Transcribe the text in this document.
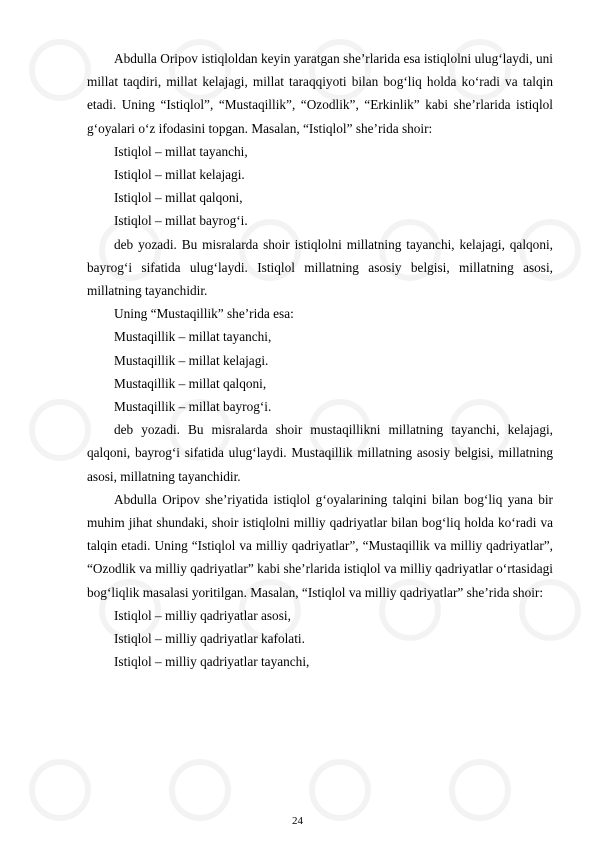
Abdulla Oripov istiqloldan keyin yaratgan she’rlarida esa istiqlolni ulug‘laydi, uni millat taqdiri, millat kelajagi, millat taraqqiyoti bilan bog‘liq holda ko‘radi va talqin etadi. Uning “Istiqlol”, “Mustaqillik”, “Ozodlik”, “Erkinlik” kabi she’rlarida istiqlol g‘oyalari o‘z ifodasini topgan. Masalan, “Istiqlol” she’rida shoir:

Istiqlol – millat tayanchi,

Istiqlol – millat kelajagi.

Istiqlol – millat qalqoni,

Istiqlol – millat bayrog‘i.

deb yozadi. Bu misralarda shoir istiqlolni millatning tayanchi, kelajagi, qalqoni, bayrog‘i sifatida ulug‘laydi. Istiqlol millatning asosiy belgisi, millatning asosi, millatning tayanchidir.

Uning “Mustaqillik” she’rida esa:

Mustaqillik – millat tayanchi,

Mustaqillik – millat kelajagi.

Mustaqillik – millat qalqoni,

Mustaqillik – millat bayrog‘i.

deb yozadi. Bu misralarda shoir mustaqillikni millatning tayanchi, kelajagi, qalqoni, bayrog‘i sifatida ulug‘laydi. Mustaqillik millatning asosiy belgisi, millatning asosi, millatning tayanchidir.

Abdulla Oripov she’riyatida istiqlol g‘oyalarining talqini bilan bog‘liq yana bir muhim jihat shundaki, shoir istiqlolni milliy qadriyatlar bilan bog‘liq holda ko‘radi va talqin etadi. Uning “Istiqlol va milliy qadriyatlar”, “Mustaqillik va milliy qadriyatlar”, “Ozodlik va milliy qadriyatlar” kabi she’rlarida istiqlol va milliy qadriyatlar o‘rtasidagi bog‘liqlik masalasi yoritilgan. Masalan, “Istiqlol va milliy qadriyatlar” she’rida shoir:

Istiqlol – milliy qadriyatlar asosi,

Istiqlol – milliy qadriyatlar kafolati.

Istiqlol – milliy qadriyatlar tayanchi,

24
